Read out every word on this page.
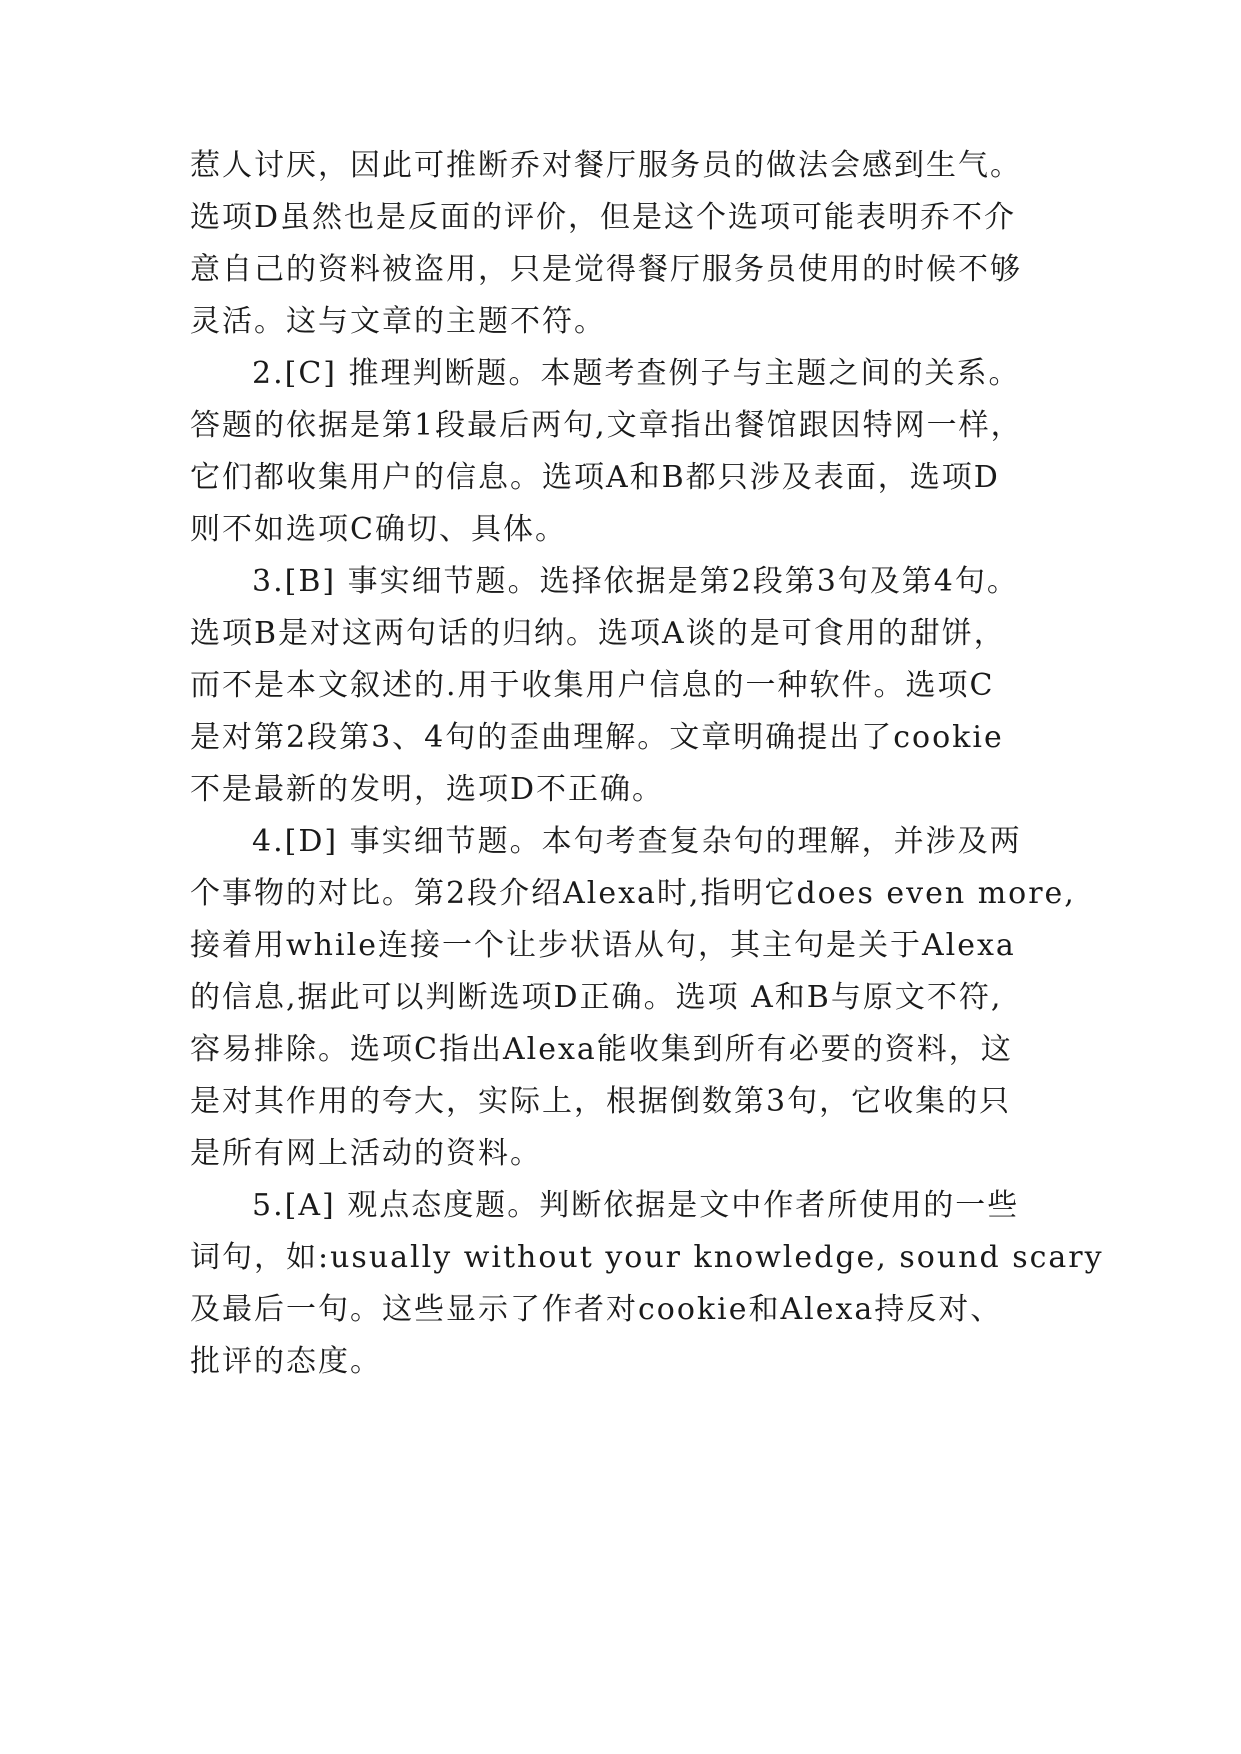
惹人讨厌，因此可推断乔对餐厅服务员的做法会感到生气。
选项D虽然也是反面的评价，但是这个选项可能表明乔不介
意自己的资料被盗用，只是觉得餐厅服务员使用的时候不够
灵活。这与文章的主题不符。
2.[C] 推理判断题。本题考查例子与主题之间的关系。
答题的依据是第1段最后两句,文章指出餐馆跟因特网一样，
它们都收集用户的信息。选项A和B都只涉及表面，选项D
则不如选项C确切、具体。
3.[B] 事实细节题。选择依据是第2段第3句及第4句。
选项B是对这两句话的归纳。选项A谈的是可食用的甜饼，
而不是本文叙述的.用于收集用户信息的一种软件。选项C
是对第2段第3、4句的歪曲理解。文章明确提出了cookie
不是最新的发明，选项D不正确。
4.[D] 事实细节题。本句考查复杂句的理解，并涉及两
个事物的对比。第2段介绍Alexa时,指明它does even more,
接着用while连接一个让步状语从句，其主句是关于Alexa
的信息,据此可以判断选项D正确。选项 A和B与原文不符,
容易排除。选项C指出Alexa能收集到所有必要的资料，这
是对其作用的夸大，实际上，根据倒数第3句，它收集的只
是所有网上活动的资料。
5.[A] 观点态度题。判断依据是文中作者所使用的一些
词句，如:usually without your knowledge, sound scary
及最后一句。这些显示了作者对cookie和Alexa持反对、
批评的态度。
